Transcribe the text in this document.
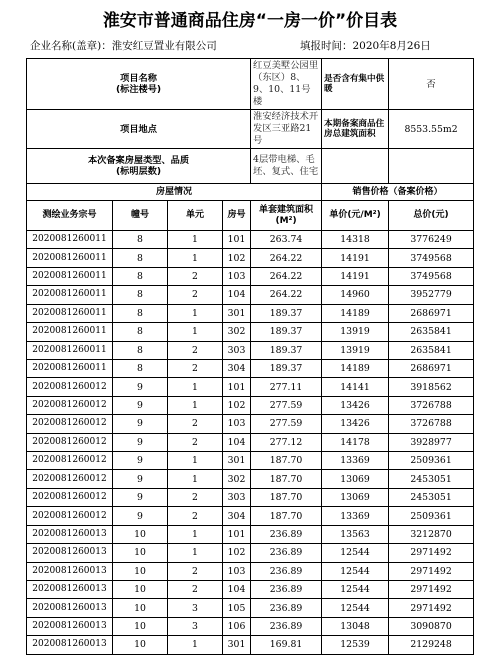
淮安市普通商品住房“一房一价”价目表
企业名称(盖章)：淮安红豆置业有限公司	填报时间：2020年8月26日
项目名称
(标注楼号)				红豆美墅公园里（东区）8、9、10、11号楼	是否含有集中供暖	否
项目地点				淮安经济技术开发区三亚路21号	本期备案商品住房总建筑面积	8553.55m2

本次备案房屋类型、品质
(标明层数)				4层带电梯、毛坯、复式、住宅		
房屋情况					销售价格（备案价格）	
测绘业务宗号	幢号	单元	房号	单套建筑面积
(M²)	单价(元/M²)	总价(元)
2020081260011	8	1	101	263.74	14318	3776249
2020081260011	8	1	102	264.22	14191	3749568
2020081260011	8	2	103	264.22	14191	3749568
2020081260011	8	2	104	264.22	14960	3952779
2020081260011	8	1	301	189.37	14189	2686971
2020081260011	8	1	302	189.37	13919	2635841
2020081260011	8	2	303	189.37	13919	2635841
2020081260011	8	2	304	189.37	14189	2686971
2020081260012	9	1	101	277.11	14141	3918562
2020081260012	9	1	102	277.59	13426	3726788
2020081260012	9	2	103	277.59	13426	3726788
2020081260012	9	2	104	277.12	14178	3928977
2020081260012	9	1	301	187.70	13369	2509361
2020081260012	9	1	302	187.70	13069	2453051
2020081260012	9	2	303	187.70	13069	2453051
2020081260012	9	2	304	187.70	13369	2509361
2020081260013	10	1	101	236.89	13563	3212870
2020081260013	10	1	102	236.89	12544	2971492
2020081260013	10	2	103	236.89	12544	2971492
2020081260013	10	2	104	236.89	12544	2971492
2020081260013	10	3	105	236.89	12544	2971492
2020081260013	10	3	106	236.89	13048	3090870
2020081260013	10	1	301	169.81	12539	2129248
